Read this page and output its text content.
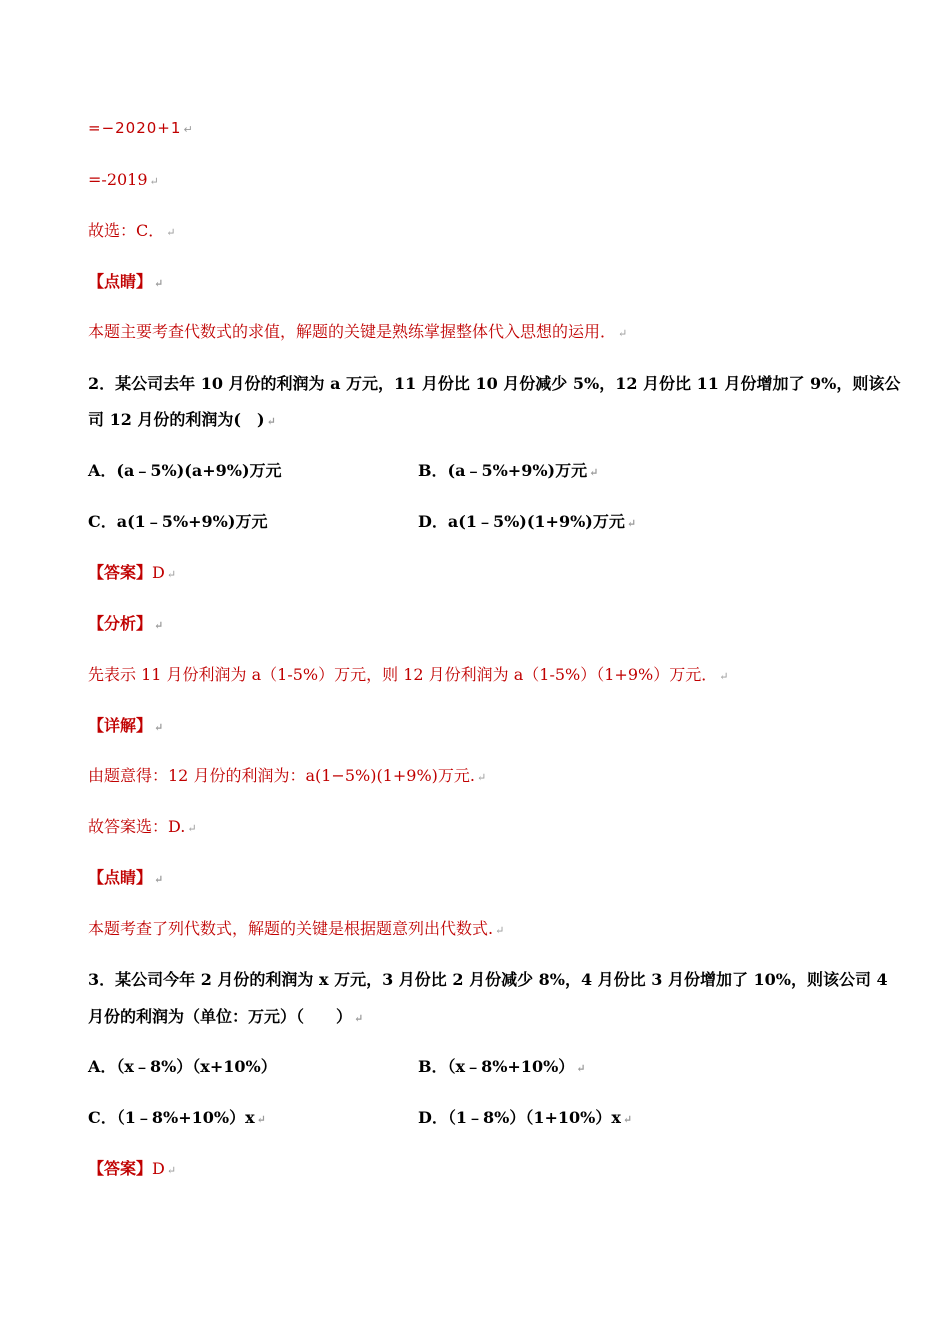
=−2020+1 ↵
=-2019 ↵
故选：C． ↵
【点睛】 ↵
本题主要考查代数式的求值，解题的关键是熟练掌握整体代入思想的运用． ↵
2．某公司去年 10 月份的利润为 a 万元，11 月份比 10 月份减少 5%，12 月份比 11 月份增加了 9%，则该公
司 12 月份的利润为(　) ↵
A．(a﹣5%)(a+9%)万元	B．(a﹣5%+9%)万元 ↵
C．a(1﹣5%+9%)万元	D．a(1﹣5%)(1+9%)万元 ↵
【答案】D ↵
【分析】 ↵
先表示 11 月份利润为 a（1-5%）万元，则 12 月份利润为 a（1-5%）（1+9%）万元． ↵
【详解】 ↵
由题意得：12 月份的利润为：a(1−5%)(1+9%)万元. ↵
故答案选：D. ↵
【点睛】 ↵
本题考查了列代数式，解题的关键是根据题意列出代数式. ↵
3．某公司今年 2 月份的利润为 x 万元，3 月份比 2 月份减少 8%，4 月份比 3 月份增加了 10%，则该公司 4
月份的利润为（单位：万元）（　　） ↵
A．（x﹣8%）（x+10%）	B．（x﹣8%+10%） ↵
C．（1﹣8%+10%）x ↵	D．（1﹣8%）（1+10%）x ↵
【答案】D ↵
